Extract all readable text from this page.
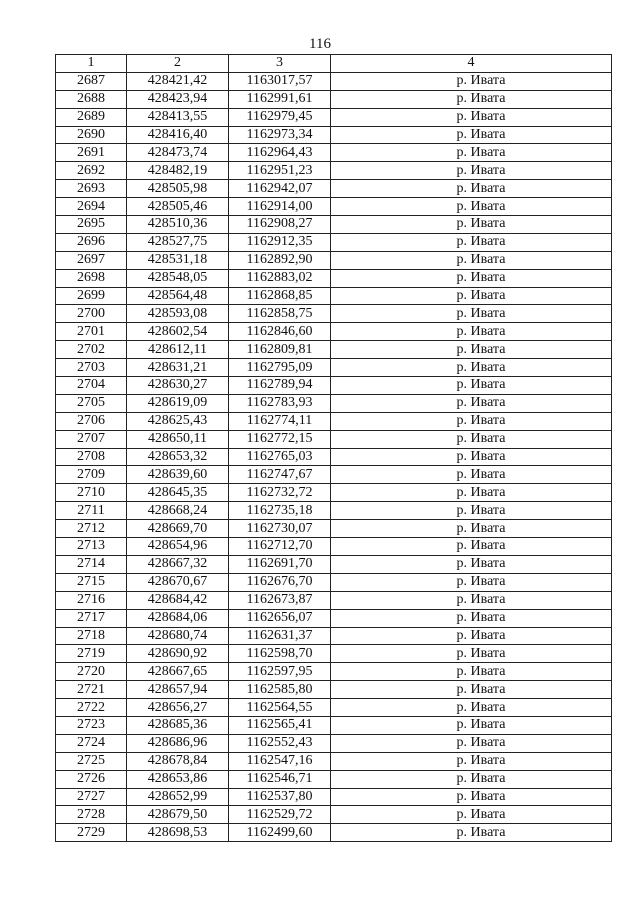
116
1	2	3	4
2687	428421,42	1163017,57	р. Ивата
2688	428423,94	1162991,61	р. Ивата
2689	428413,55	1162979,45	р. Ивата
2690	428416,40	1162973,34	р. Ивата
2691	428473,74	1162964,43	р. Ивата
2692	428482,19	1162951,23	р. Ивата
2693	428505,98	1162942,07	р. Ивата
2694	428505,46	1162914,00	р. Ивата
2695	428510,36	1162908,27	р. Ивата
2696	428527,75	1162912,35	р. Ивата
2697	428531,18	1162892,90	р. Ивата
2698	428548,05	1162883,02	р. Ивата
2699	428564,48	1162868,85	р. Ивата
2700	428593,08	1162858,75	р. Ивата
2701	428602,54	1162846,60	р. Ивата
2702	428612,11	1162809,81	р. Ивата
2703	428631,21	1162795,09	р. Ивата
2704	428630,27	1162789,94	р. Ивата
2705	428619,09	1162783,93	р. Ивата
2706	428625,43	1162774,11	р. Ивата
2707	428650,11	1162772,15	р. Ивата
2708	428653,32	1162765,03	р. Ивата
2709	428639,60	1162747,67	р. Ивата
2710	428645,35	1162732,72	р. Ивата
2711	428668,24	1162735,18	р. Ивата
2712	428669,70	1162730,07	р. Ивата
2713	428654,96	1162712,70	р. Ивата
2714	428667,32	1162691,70	р. Ивата
2715	428670,67	1162676,70	р. Ивата
2716	428684,42	1162673,87	р. Ивата
2717	428684,06	1162656,07	р. Ивата
2718	428680,74	1162631,37	р. Ивата
2719	428690,92	1162598,70	р. Ивата
2720	428667,65	1162597,95	р. Ивата
2721	428657,94	1162585,80	р. Ивата
2722	428656,27	1162564,55	р. Ивата
2723	428685,36	1162565,41	р. Ивата
2724	428686,96	1162552,43	р. Ивата
2725	428678,84	1162547,16	р. Ивата
2726	428653,86	1162546,71	р. Ивата
2727	428652,99	1162537,80	р. Ивата
2728	428679,50	1162529,72	р. Ивата
2729	428698,53	1162499,60	р. Ивата
